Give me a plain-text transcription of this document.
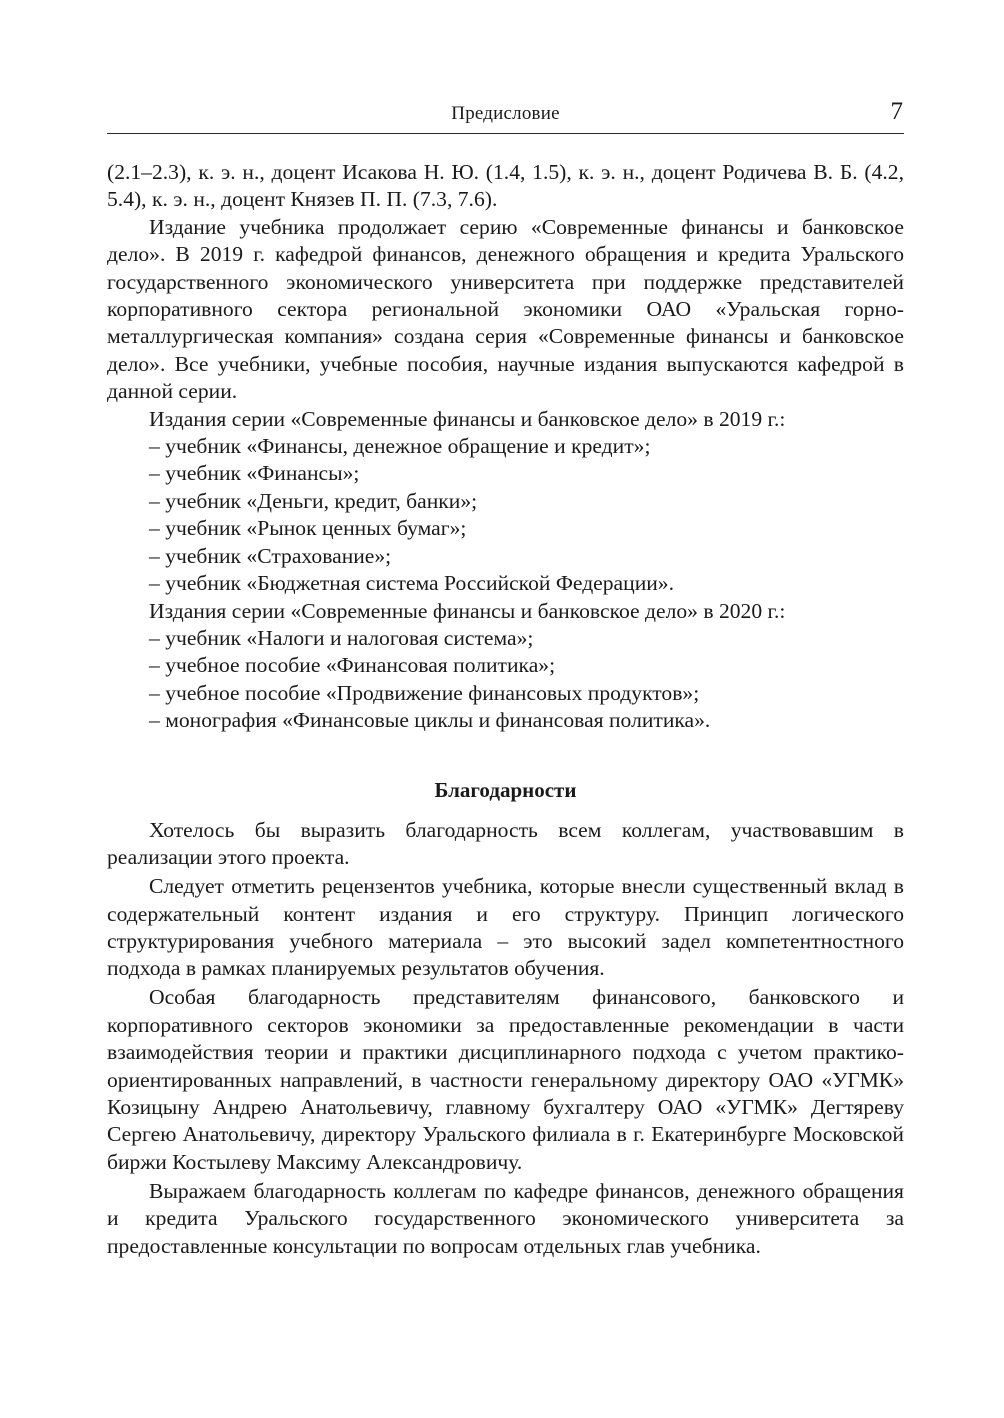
Предисловие	7

(2.1–2.3), к. э. н., доцент Исакова Н. Ю. (1.4, 1.5), к. э. н., доцент Родичева В. Б. (4.2, 5.4), к. э. н., доцент Князев П. П. (7.3, 7.6).

Издание учебника продолжает серию «Современные финансы и банковское дело». В 2019 г. кафедрой финансов, денежного обращения и кредита Уральского государственного экономического университета при поддержке представителей корпоративного сектора региональной экономики ОАО «Уральская горно-металлургическая компания» создана серия «Современные финансы и банковское дело». Все учебники, учебные пособия, научные издания выпускаются кафедрой в данной серии.

Издания серии «Современные финансы и банковское дело» в 2019 г.:

– учебник «Финансы, денежное обращение и кредит»;
– учебник «Финансы»;
– учебник «Деньги, кредит, банки»;
– учебник «Рынок ценных бумаг»;
– учебник «Страхование»;
– учебник «Бюджетная система Российской Федерации».

Издания серии «Современные финансы и банковское дело» в 2020 г.:

– учебник «Налоги и налоговая система»;
– учебное пособие «Финансовая политика»;
– учебное пособие «Продвижение финансовых продуктов»;
– монография «Финансовые циклы и финансовая политика».
Благодарности

Хотелось бы выразить благодарность всем коллегам, участвовавшим в реализации этого проекта.

Следует отметить рецензентов учебника, которые внесли существенный вклад в содержательный контент издания и его структуру. Принцип логического структурирования учебного материала – это высокий задел компетентностного подхода в рамках планируемых результатов обучения.

Особая благодарность представителям финансового, банковского и корпоративного секторов экономики за предоставленные рекомендации в части взаимодействия теории и практики дисциплинарного подхода с учетом практико-ориентированных направлений, в частности генеральному директору ОАО «УГМК» Козицыну Андрею Анатольевичу, главному бухгалтеру ОАО «УГМК» Дегтяреву Сергею Анатольевичу, директору Уральского филиала в г. Екатеринбурге Московской биржи Костылеву Максиму Александровичу.

Выражаем благодарность коллегам по кафедре финансов, денежного обращения и кредита Уральского государственного экономического университета за предоставленные консультации по вопросам отдельных глав учебника.
